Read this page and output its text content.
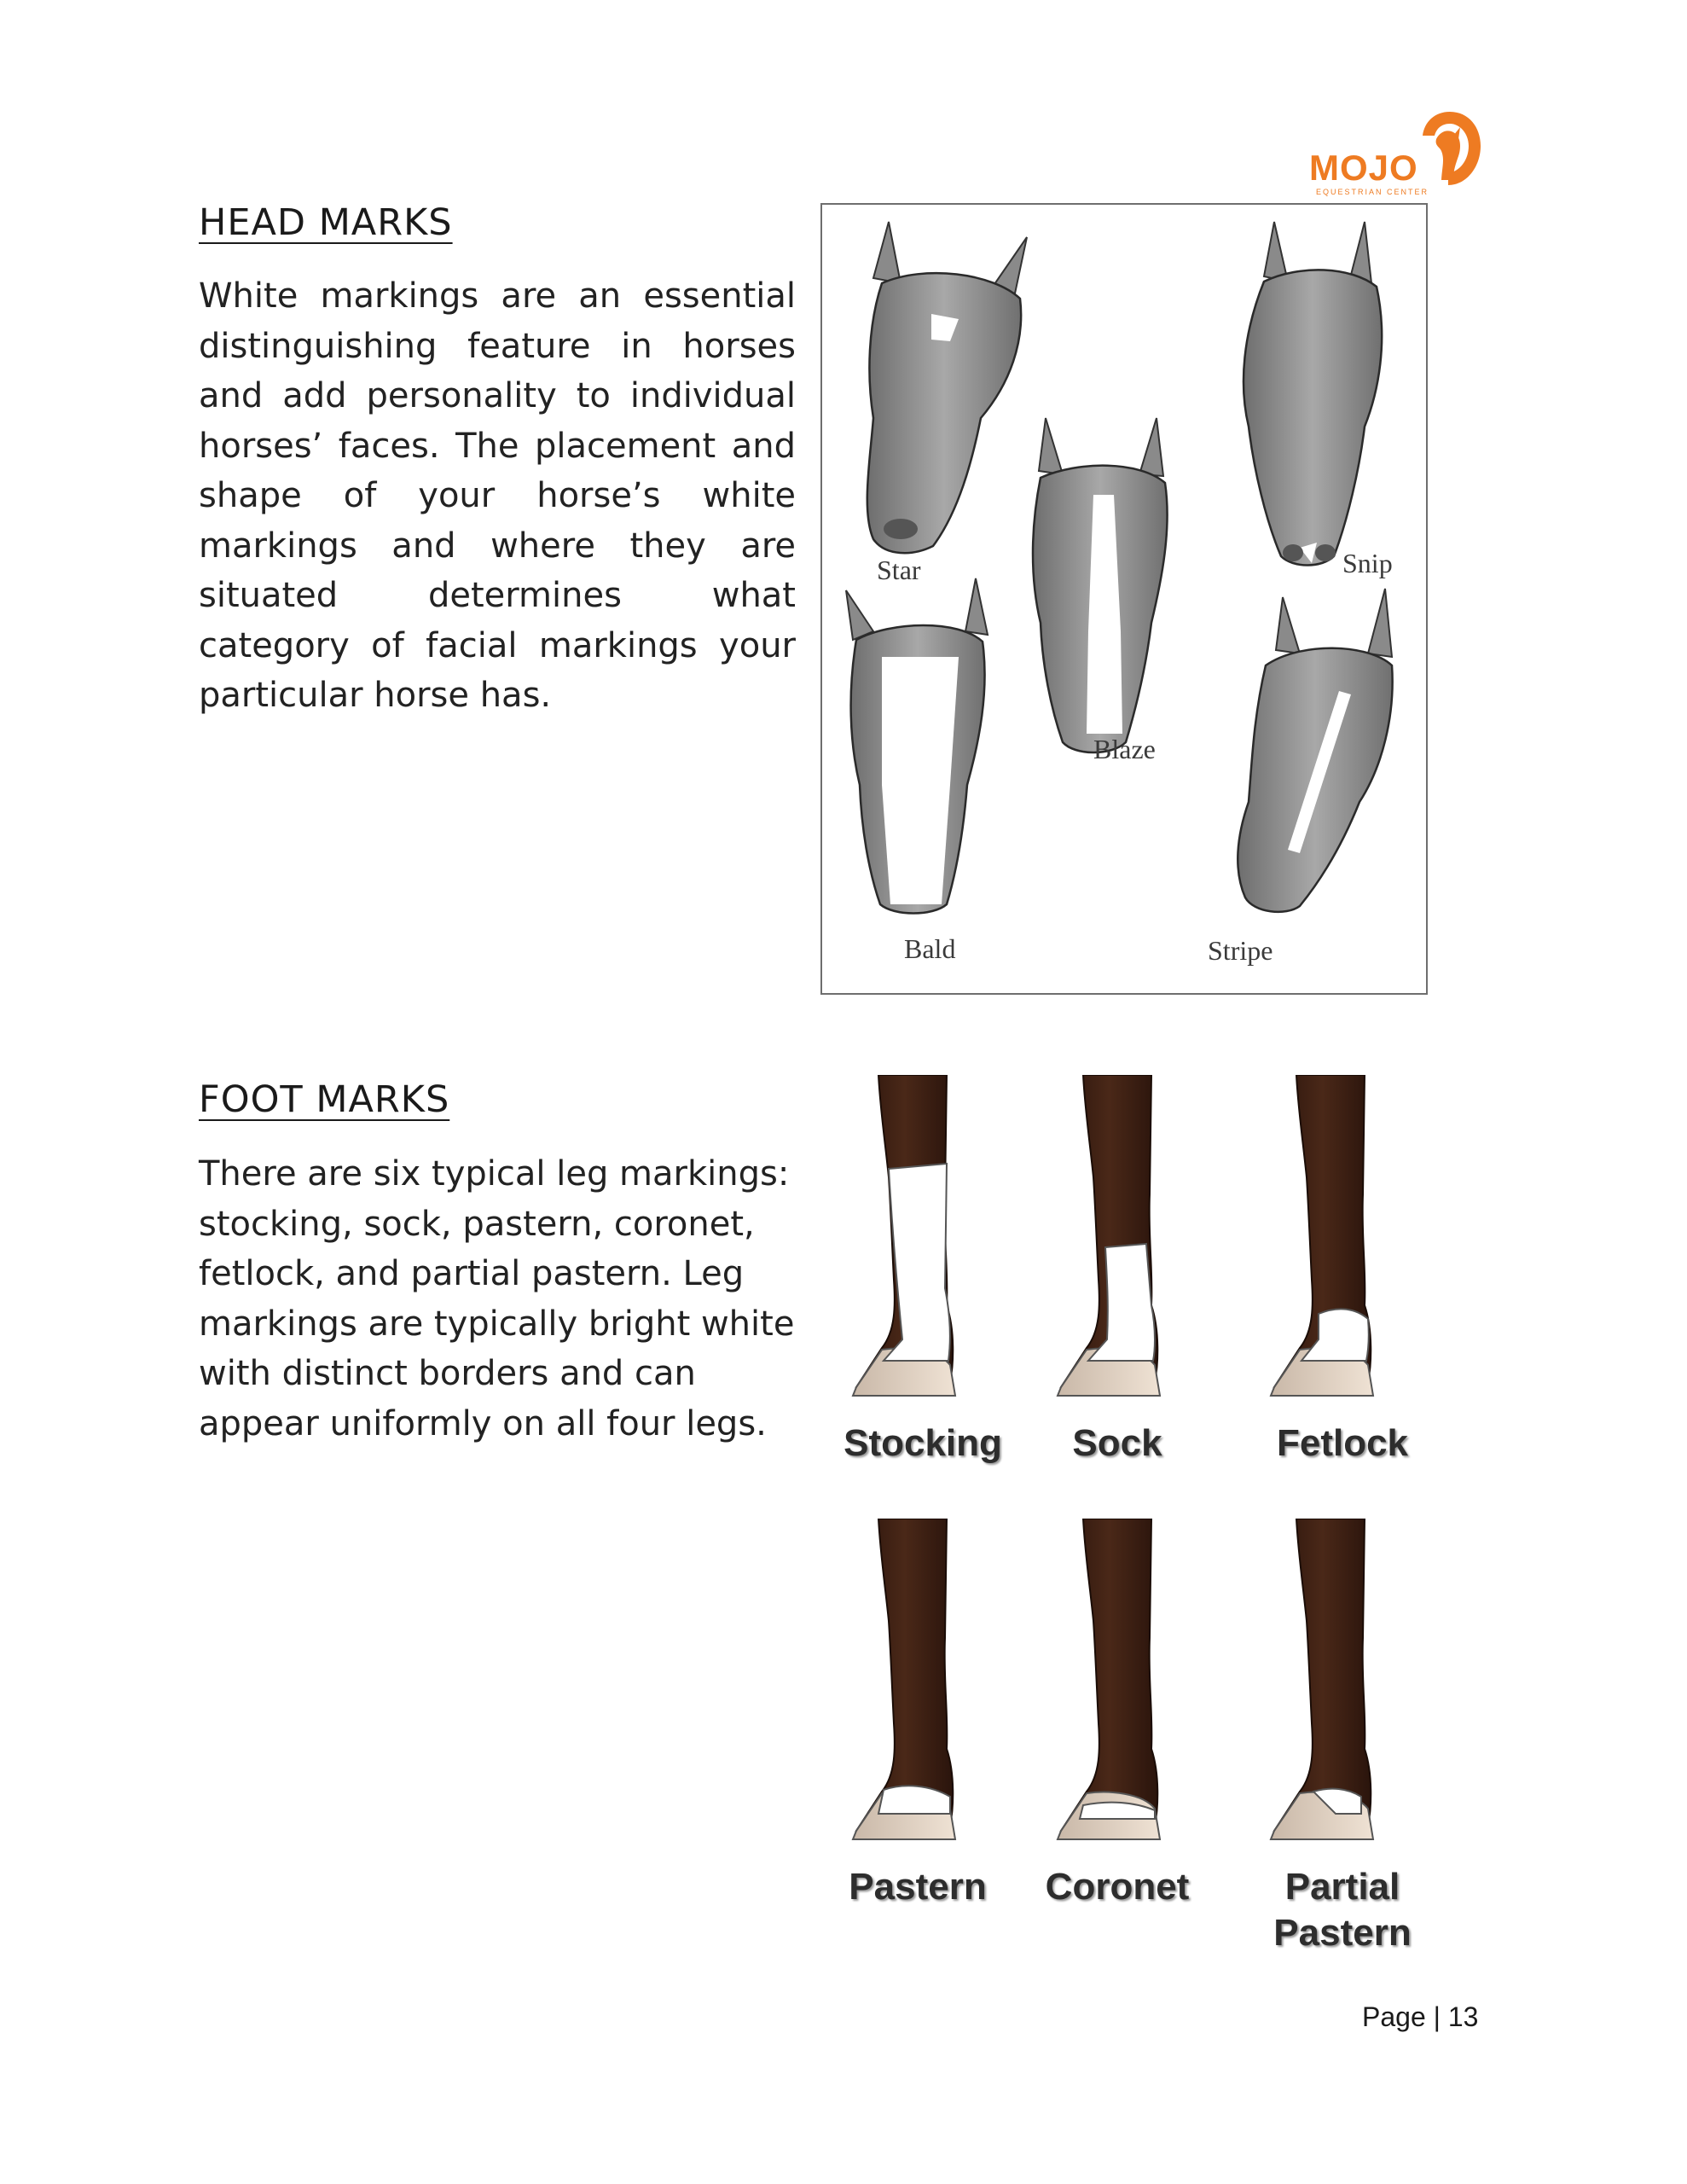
MOJO
EQUESTRIAN CENTER
HEAD MARKS

White markings are an essential distinguishing feature in horses and add personality to individual horses’ faces. The placement and shape of your horse’s white markings and where they are situated determines what category of facial markings your particular horse has.

Star	Snip
Blaze
Bald	Stripe
FOOT MARKS

There are six typical leg markings: stocking, sock, pastern, coronet, fetlock, and partial pastern. Leg markings are typically bright white with distinct borders and can appear uniformly on all four legs.	Stocking Sock	Fetlock
Pastern Coronet	Partial
Pastern
Page | 13
